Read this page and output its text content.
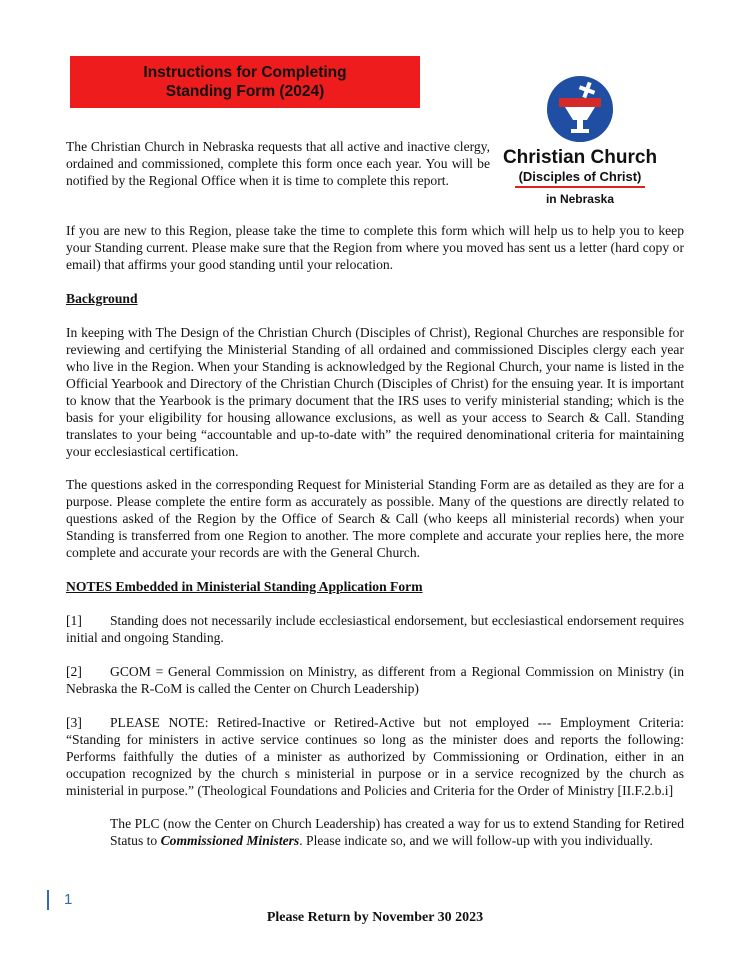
Instructions for Completing
Standing Form (2024)
Christian Church
(Disciples of Christ)
in Nebraska

The Christian Church in Nebraska requests that all active and inactive clergy, ordained and commissioned, complete this form once each year. You will be notified by the Regional Office when it is time to complete this report.

If you are new to this Region, please take the time to complete this form which will help us to help you to keep your Standing current. Please make sure that the Region from where you moved has sent us a letter (hard copy or email) that affirms your good standing until your relocation.

Background

In keeping with The Design of the Christian Church (Disciples of Christ), Regional Churches are responsible for reviewing and certifying the Ministerial Standing of all ordained and commissioned Disciples clergy each year who live in the Region. When your Standing is acknowledged by the Regional Church, your name is listed in the Official Yearbook and Directory of the Christian Church (Disciples of Christ) for the ensuing year. It is important to know that the Yearbook is the primary document that the IRS uses to verify ministerial standing; which is the basis for your eligibility for housing allowance exclusions, as well as your access to Search & Call. Standing translates to your being “accountable and up-to-date with” the required denominational criteria for maintaining your ecclesiastical certification.

The questions asked in the corresponding Request for Ministerial Standing Form are as detailed as they are for a purpose. Please complete the entire form as accurately as possible. Many of the questions are directly related to questions asked of the Region by the Office of Search & Call (who keeps all ministerial records) when your Standing is transferred from one Region to another. The more complete and accurate your replies here, the more complete and accurate your records are with the General Church.

NOTES Embedded in Ministerial Standing Application Form

[1] Standing does not necessarily include ecclesiastical endorsement, but ecclesiastical endorsement requires initial and ongoing Standing.

[2] GCOM = General Commission on Ministry, as different from a Regional Commission on Ministry (in Nebraska the R-CoM is called the Center on Church Leadership)

[3] PLEASE NOTE: Retired-Inactive or Retired-Active but not employed --- Employment Criteria: “Standing for ministers in active service continues so long as the minister does and reports the following: Performs faithfully the duties of a minister as authorized by Commissioning or Ordination, either in an occupation recognized by the church s ministerial in purpose or in a service recognized by the church as ministerial in purpose.” (Theological Foundations and Policies and Criteria for the Order of Ministry [II.F.2.b.i]

The PLC (now the Center on Church Leadership) has created a way for us to extend Standing for Retired Status to Commissioned Ministers. Please indicate so, and we will follow-up with you individually.

1
Please Return by November 30 2023
